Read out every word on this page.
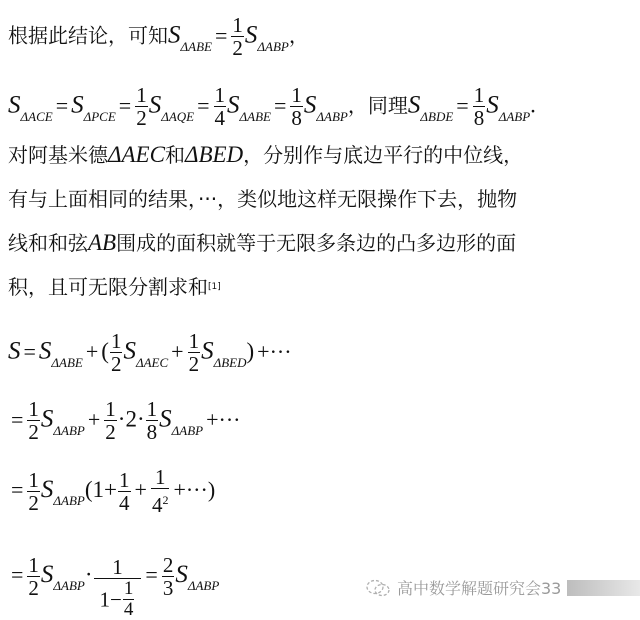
根据此结论，可知$S_{\Delta ABE} = \frac{1}{2} S_{\Delta ABP}$，
$S_{\Delta ACE} = S_{\Delta PCE} = \frac{1}{2} S_{\Delta AQE} = \frac{1}{4} S_{\Delta ABE} = \frac{1}{8} S_{\Delta ABP}$，同理$S_{\Delta BDE} = \frac{1}{8} S_{\Delta ABP}$.
对阿基米德ΔAEC和ΔBED，分别作与底边平行的中位线，
有与上面相同的结果，···，类似地这样无限操作下去，抛物
线和和弦AB围成的面积就等于无限多条边的凸多边形的面
积，且可无限分割求和[1]
$S = S_{\Delta ABE}$ + ( $\frac{1}{2} S_{\Delta AEC} + \frac{1}{2} S_{\Delta BED}$) +···
= $\frac{1}{2} S_{\Delta ABP} + \frac{1}{2} \cdot 2\cdot \frac{1}{8} S_{\Delta ABP}$ +···
= $\frac{1}{2} S_{\Delta ABP}(1+ \frac{1}{4} + \frac{1}{4^2}$ +···)
= $\frac{1}{2} S_{\Delta ABP}\cdot \frac{1}{1- \frac{1}{4}} = \frac{2}{3} S_{\Delta ABP}$	高中数学解题研究会33
